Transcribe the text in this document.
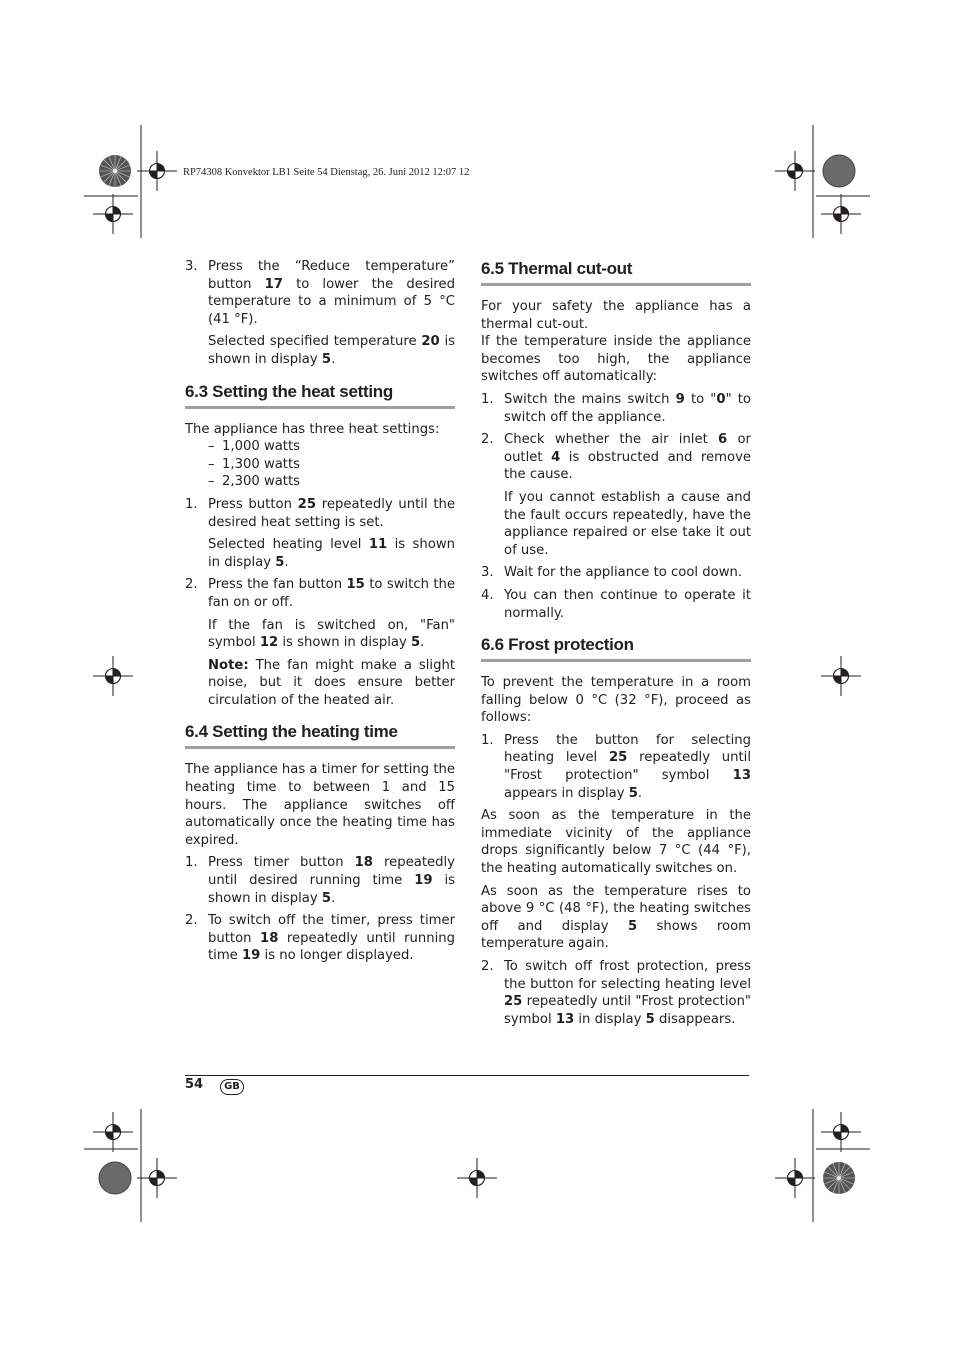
RP74308 Konvektor LB1 Seite 54 Dienstag, 26. Juni 2012 12:07 12
3. Press the “Reduce temperature” button 17 to lower the desired temperature to a minimum of 5 °C (41 °F).
Selected specified temperature 20 is shown in display 5.
6.3 Setting the heat setting

The appliance has three heat settings:

– 1,000 watts
– 1,300 watts
– 2,300 watts
1. Press button 25 repeatedly until the desired heat setting is set.
Selected heating level 11 is shown in display 5.
2. Press the fan button 15 to switch the fan on or off.
If the fan is switched on, "Fan" symbol 12 is shown in display 5.
Note: The fan might make a slight noise, but it does ensure better circulation of the heated air.
6.4 Setting the heating time

The appliance has a timer for setting the heating time to between 1 and 15 hours. The appliance switches off automatically once the heating time has expired.

1. Press timer button 18 repeatedly until desired running time 19 is shown in display 5.
2. To switch off the timer, press timer button 18 repeatedly until running time 19 is no longer displayed.
6.5 Thermal cut-out

For your safety the appliance has a thermal cut-out.

If the temperature inside the appliance becomes too high, the appliance switches off automatically:

1. Switch the mains switch 9 to "0" to switch off the appliance.
2. Check whether the air inlet 6 or outlet 4 is obstructed and remove the cause.
If you cannot establish a cause and the fault occurs repeatedly, have the appliance repaired or else take it out of use.
3. Wait for the appliance to cool down.
4. You can then continue to operate it normally.
6.6 Frost protection

To prevent the temperature in a room falling below 0 °C (32 °F), proceed as follows:

1. Press the button for selecting heating level 25 repeatedly until "Frost protection" symbol 13 appears in display 5.

As soon as the temperature in the immediate vicinity of the appliance drops significantly below 7 °C (44 °F), the heating automatically switches on.

As soon as the temperature rises to above 9 °C (48 °F), the heating switches off and display 5 shows room temperature again.

2. To switch off frost protection, press the button for selecting heating level 25 repeatedly until "Frost protection" symbol 13 in display 5 disappears.
54	GB
